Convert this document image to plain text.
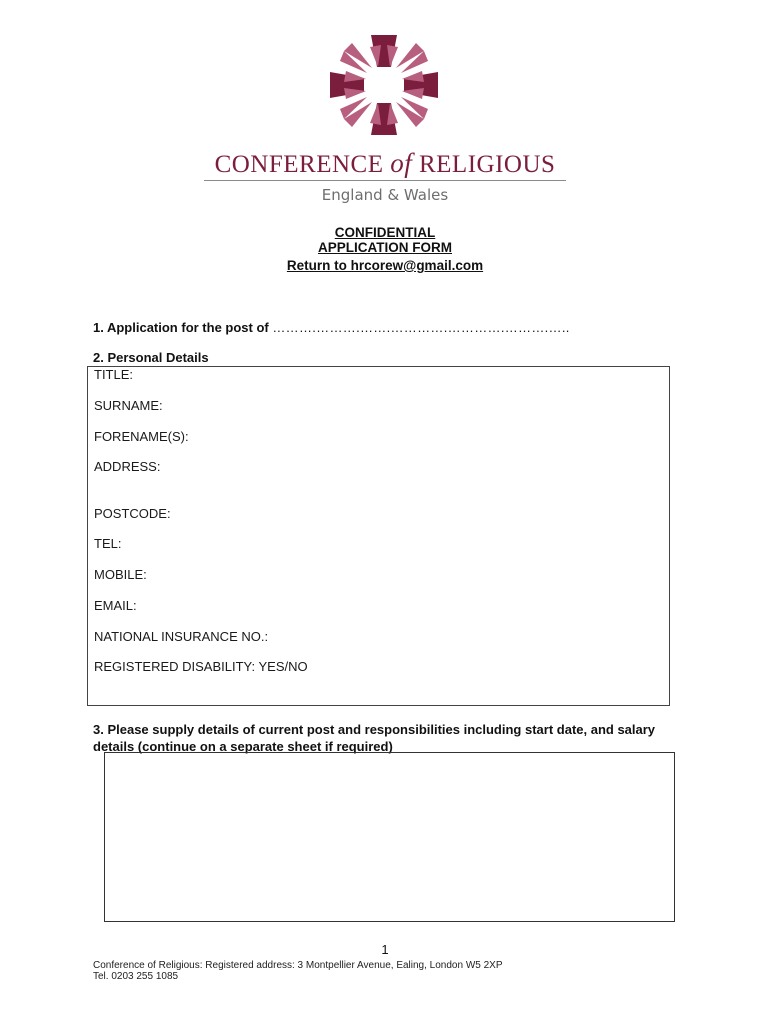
CONFERENCE of RELIGIOUS
England & Wales
CONFIDENTIAL
APPLICATION FORM
Return to hrcorew@gmail.com
1. Application for the post of ……….……….…….………….………….……….…..
2. Personal Details
TITLE:
SURNAME:
FORENAME(S):
ADDRESS:
POSTCODE:
TEL:
MOBILE:
EMAIL:
NATIONAL INSURANCE NO.:
REGISTERED DISABILITY: YES/NO
3. Please supply details of current post and responsibilities including start date, and salary details (continue on a separate sheet if required)
1
Conference of Religious: Registered address: 3 Montpellier Avenue, Ealing, London W5 2XP
Tel. 0203 255 1085
